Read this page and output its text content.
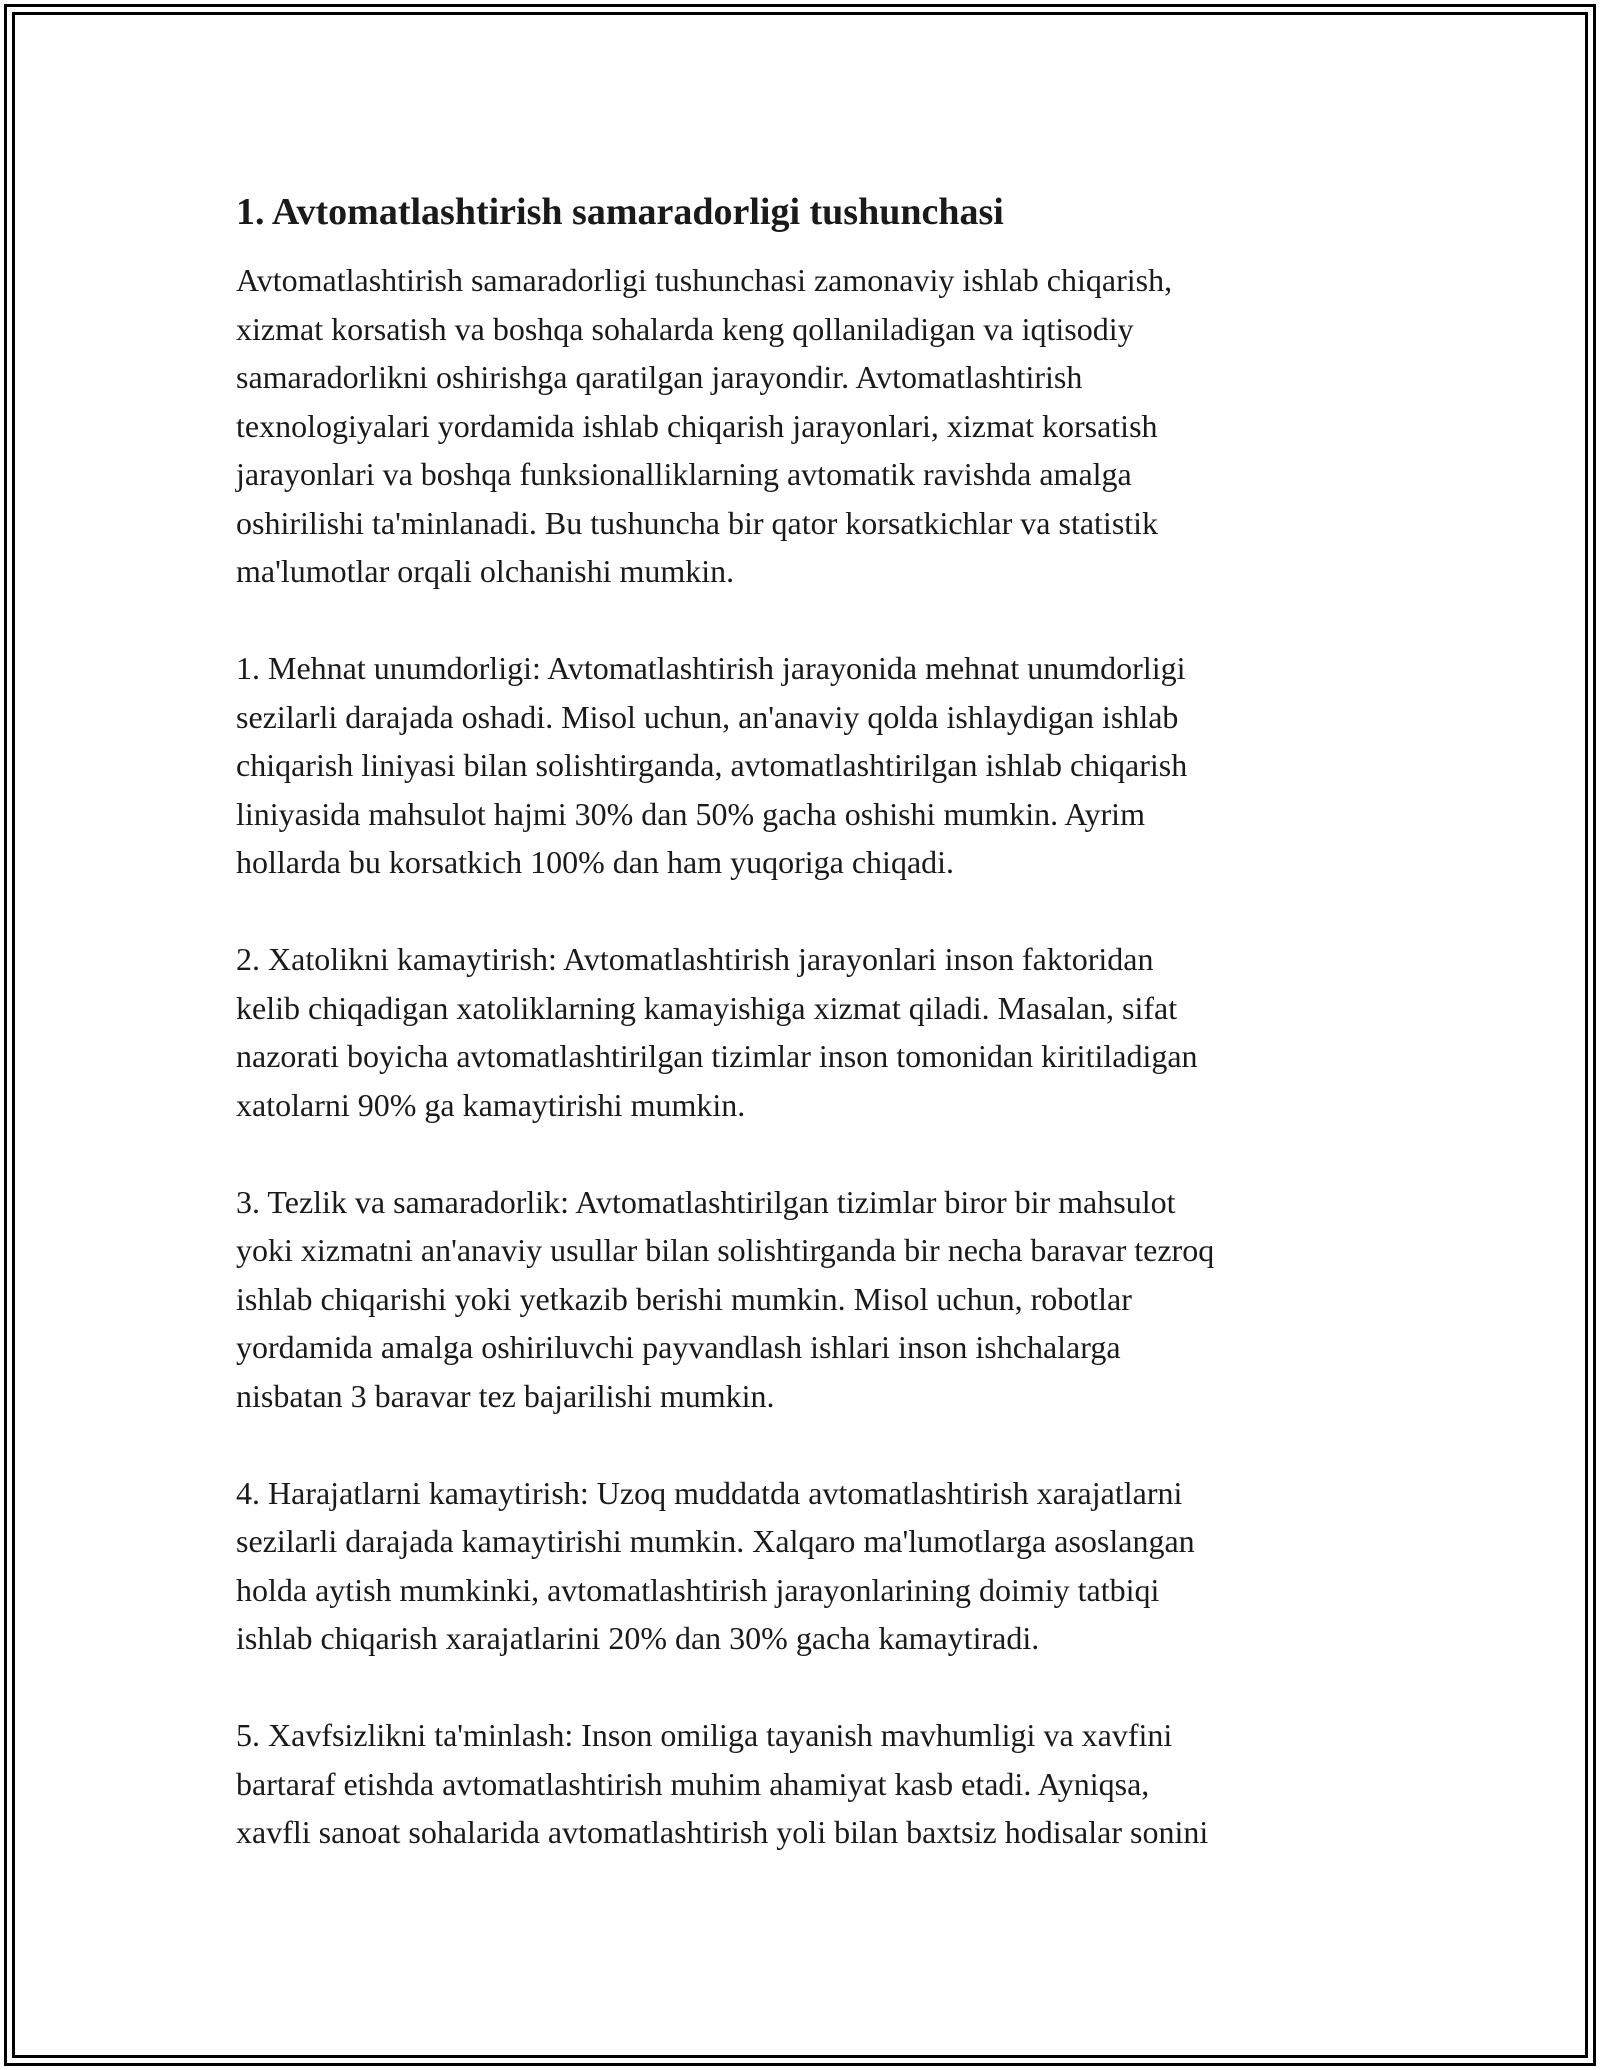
1. Avtomatlashtirish samaradorligi tushunchasi

Avtomatlashtirish samaradorligi tushunchasi zamonaviy ishlab chiqarish,
xizmat korsatish va boshqa sohalarda keng qollaniladigan va iqtisodiy
samaradorlikni oshirishga qaratilgan jarayondir. Avtomatlashtirish
texnologiyalari yordamida ishlab chiqarish jarayonlari, xizmat korsatish
jarayonlari va boshqa funksionalliklarning avtomatik ravishda amalga
oshirilishi ta'minlanadi. Bu tushuncha bir qator korsatkichlar va statistik
ma'lumotlar orqali olchanishi mumkin.

1. Mehnat unumdorligi: Avtomatlashtirish jarayonida mehnat unumdorligi
sezilarli darajada oshadi. Misol uchun, an'anaviy qolda ishlaydigan ishlab
chiqarish liniyasi bilan solishtirganda, avtomatlashtirilgan ishlab chiqarish
liniyasida mahsulot hajmi 30% dan 50% gacha oshishi mumkin. Ayrim
hollarda bu korsatkich 100% dan ham yuqoriga chiqadi.

2. Xatolikni kamaytirish: Avtomatlashtirish jarayonlari inson faktoridan
kelib chiqadigan xatoliklarning kamayishiga xizmat qiladi. Masalan, sifat
nazorati boyicha avtomatlashtirilgan tizimlar inson tomonidan kiritiladigan
xatolarni 90% ga kamaytirishi mumkin.

3. Tezlik va samaradorlik: Avtomatlashtirilgan tizimlar biror bir mahsulot
yoki xizmatni an'anaviy usullar bilan solishtirganda bir necha baravar tezroq
ishlab chiqarishi yoki yetkazib berishi mumkin. Misol uchun, robotlar
yordamida amalga oshiriluvchi payvandlash ishlari inson ishchalarga
nisbatan 3 baravar tez bajarilishi mumkin.

4. Harajatlarni kamaytirish: Uzoq muddatda avtomatlashtirish xarajatlarni
sezilarli darajada kamaytirishi mumkin. Xalqaro ma'lumotlarga asoslangan
holda aytish mumkinki, avtomatlashtirish jarayonlarining doimiy tatbiqi
ishlab chiqarish xarajatlarini 20% dan 30% gacha kamaytiradi.

5. Xavfsizlikni ta'minlash: Inson omiliga tayanish mavhumligi va xavfini
bartaraf etishda avtomatlashtirish muhim ahamiyat kasb etadi. Ayniqsa,
xavfli sanoat sohalarida avtomatlashtirish yoli bilan baxtsiz hodisalar sonini
